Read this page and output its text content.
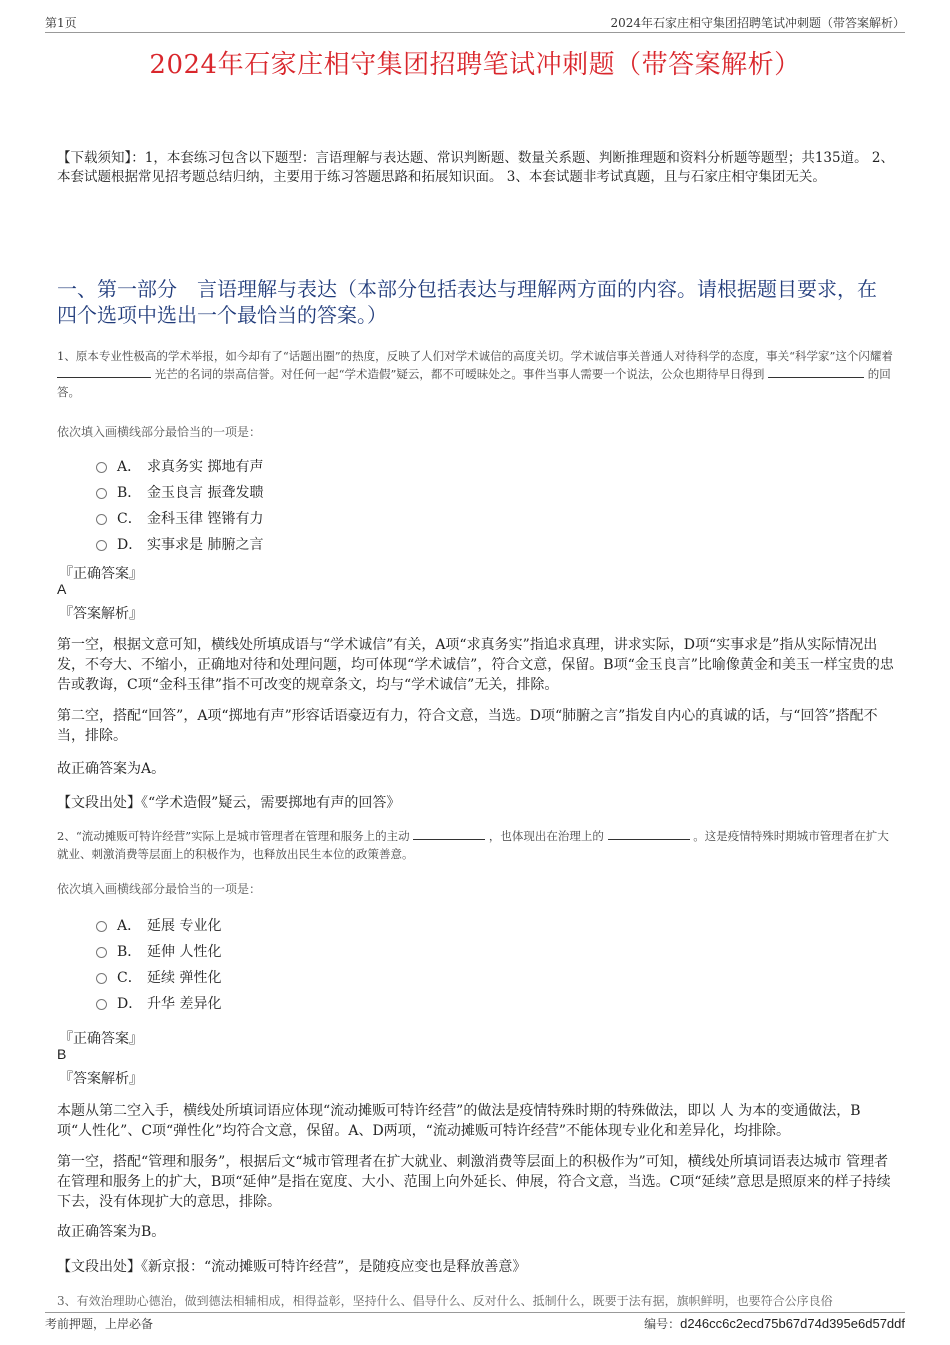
第1页	2024年石家庄相守集团招聘笔试冲刺题（带答案解析）
2024年石家庄相守集团招聘笔试冲刺题（带答案解析）
【下载须知】：1，本套练习包含以下题型：言语理解与表达题、常识判断题、数量关系题、判断推理题和资料分析题等题型；共135道。 2、本套试题根据常见招考题总结归纳，主要用于练习答题思路和拓展知识面。 3、本套试题非考试真题，且与石家庄相守集团无关。
一、第一部分　言语理解与表达（本部分包括表达与理解两方面的内容。请根据题目要求，在四个选项中选出一个最恰当的答案。）
1、原本专业性极高的学术举报，如今却有了“话题出圈”的热度，反映了人们对学术诚信的高度关切。学术诚信事关普通人对待科学的态度，事关“科学家”这个闪耀着  光芒的名词的崇高信誉。对任何一起“学术造假”疑云，都不可暧昧处之。事件当事人需要一个说法，公众也期待早日得到	的回答。
依次填入画横线部分最恰当的一项是：
A． 求真务实 掷地有声
B． 金玉良言 振聋发聩
C． 金科玉律 铿锵有力
D． 实事求是 肺腑之言
『正确答案』
A
『答案解析』
第一空，根据文意可知，横线处所填成语与“学术诚信”有关，A项“求真务实”指追求真理，讲求实际，D项“实事求是”指从实际情况出发，不夸大、不缩小，正确地对待和处理问题，均可体现“学术诚信”，符合文意，保留。B项“金玉良言”比喻像黄金和美玉一样宝贵的忠告或教诲，C项“金科玉律”指不可改变的规章条文，均与“学术诚信”无关，排除。
第二空，搭配“回答”，A项“掷地有声”形容话语豪迈有力，符合文意，当选。D项“肺腑之言”指发自内心的真诚的话，与“回答”搭配不当，排除。
故正确答案为A。
【文段出处】《“学术造假”疑云，需要掷地有声的回答》
2、“流动摊贩可特许经营”实际上是城市管理者在管理和服务上的主动	，也体现出在治理上的	。这是疫情特殊时期城市管理者在扩大就业、刺激消费等层面上的积极作为，也释放出民生本位的政策善意。
依次填入画横线部分最恰当的一项是：
A． 延展 专业化
B． 延伸 人性化
C． 延续 弹性化
D． 升华 差异化
『正确答案』
B
『答案解析』
本题从第二空入手，横线处所填词语应体现“流动摊贩可特许经营”的做法是疫情特殊时期的特殊做法，即以 人 为本的变通做法，B项“人性化”、C项“弹性化”均符合文意，保留。A、D两项，“流动摊贩可特许经营”不能体现专业化和差异化，均排除。
第一空，搭配“管理和服务”，根据后文“城市管理者在扩大就业、刺激消费等层面上的积极作为”可知，横线处所填词语表达城市 管理者在管理和服务上的扩大，B项“延伸”是指在宽度、大小、范围上向外延长、伸展，符合文意，当选。C项“延续”意思是照原来的样子持续下去，没有体现扩大的意思，排除。
故正确答案为B。
【文段出处】《新京报：“流动摊贩可特许经营”，是随疫应变也是释放善意》
3、有效治理助心德治，做到德法相辅相成，相得益彰，坚持什么、倡导什么、反对什么、抵制什么，既要于法有据，旗帜鲜明，也要符合公序良俗
考前押题，上岸必备	编号：d246cc6c2ecd75b67d74d395e6d57ddf
